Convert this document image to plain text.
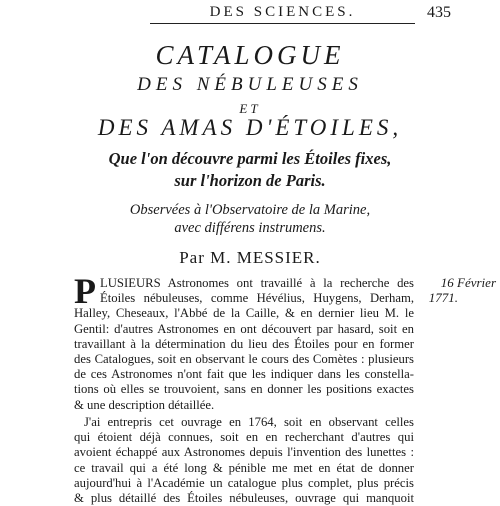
DES SCIENCES.	435
CATALOGUE
DES NÉBULEUSES
ET
DES AMAS D'ÉTOILES,
Que l'on découvre parmi les Étoiles fixes,
sur l'horizon de Paris.
Observées à l'Observatoire de la Marine,
avec différens instrumens.
Par M. MESSIER.
16 Février
1771.
P LUSIEURS Astronomes ont travaillé à la recherche des
Étoiles nébuleuses, comme Hévélius, Huygens, Derham,
Halley, Cheseaux, l'Abbé de la Caille, & en dernier lieu M. le
Gentil: d'autres Astronomes en ont découvert par hasard, soit en
travaillant à la détermination du lieu des Étoiles pour en former
des Catalogues, soit en observant le cours des Comètes : plusieurs
de ces Astronomes n'ont fait que les indiquer dans les constella-
tions où elles se trouvoient, sans en donner les positions exactes
& une description détaillée.
J'ai entrepris cet ouvrage en 1764, soit en observant celles
qui étoient déjà connues, soit en en recherchant d'autres qui
avoient échappé aux Astronomes depuis l'invention des lunettes :
ce travail qui a été long & pénible me met en état de donner
aujourd'hui à l'Académie un catalogue plus complet, plus précis
& plus détaillé des Étoiles nébuleuses, ouvrage qui manquoit
